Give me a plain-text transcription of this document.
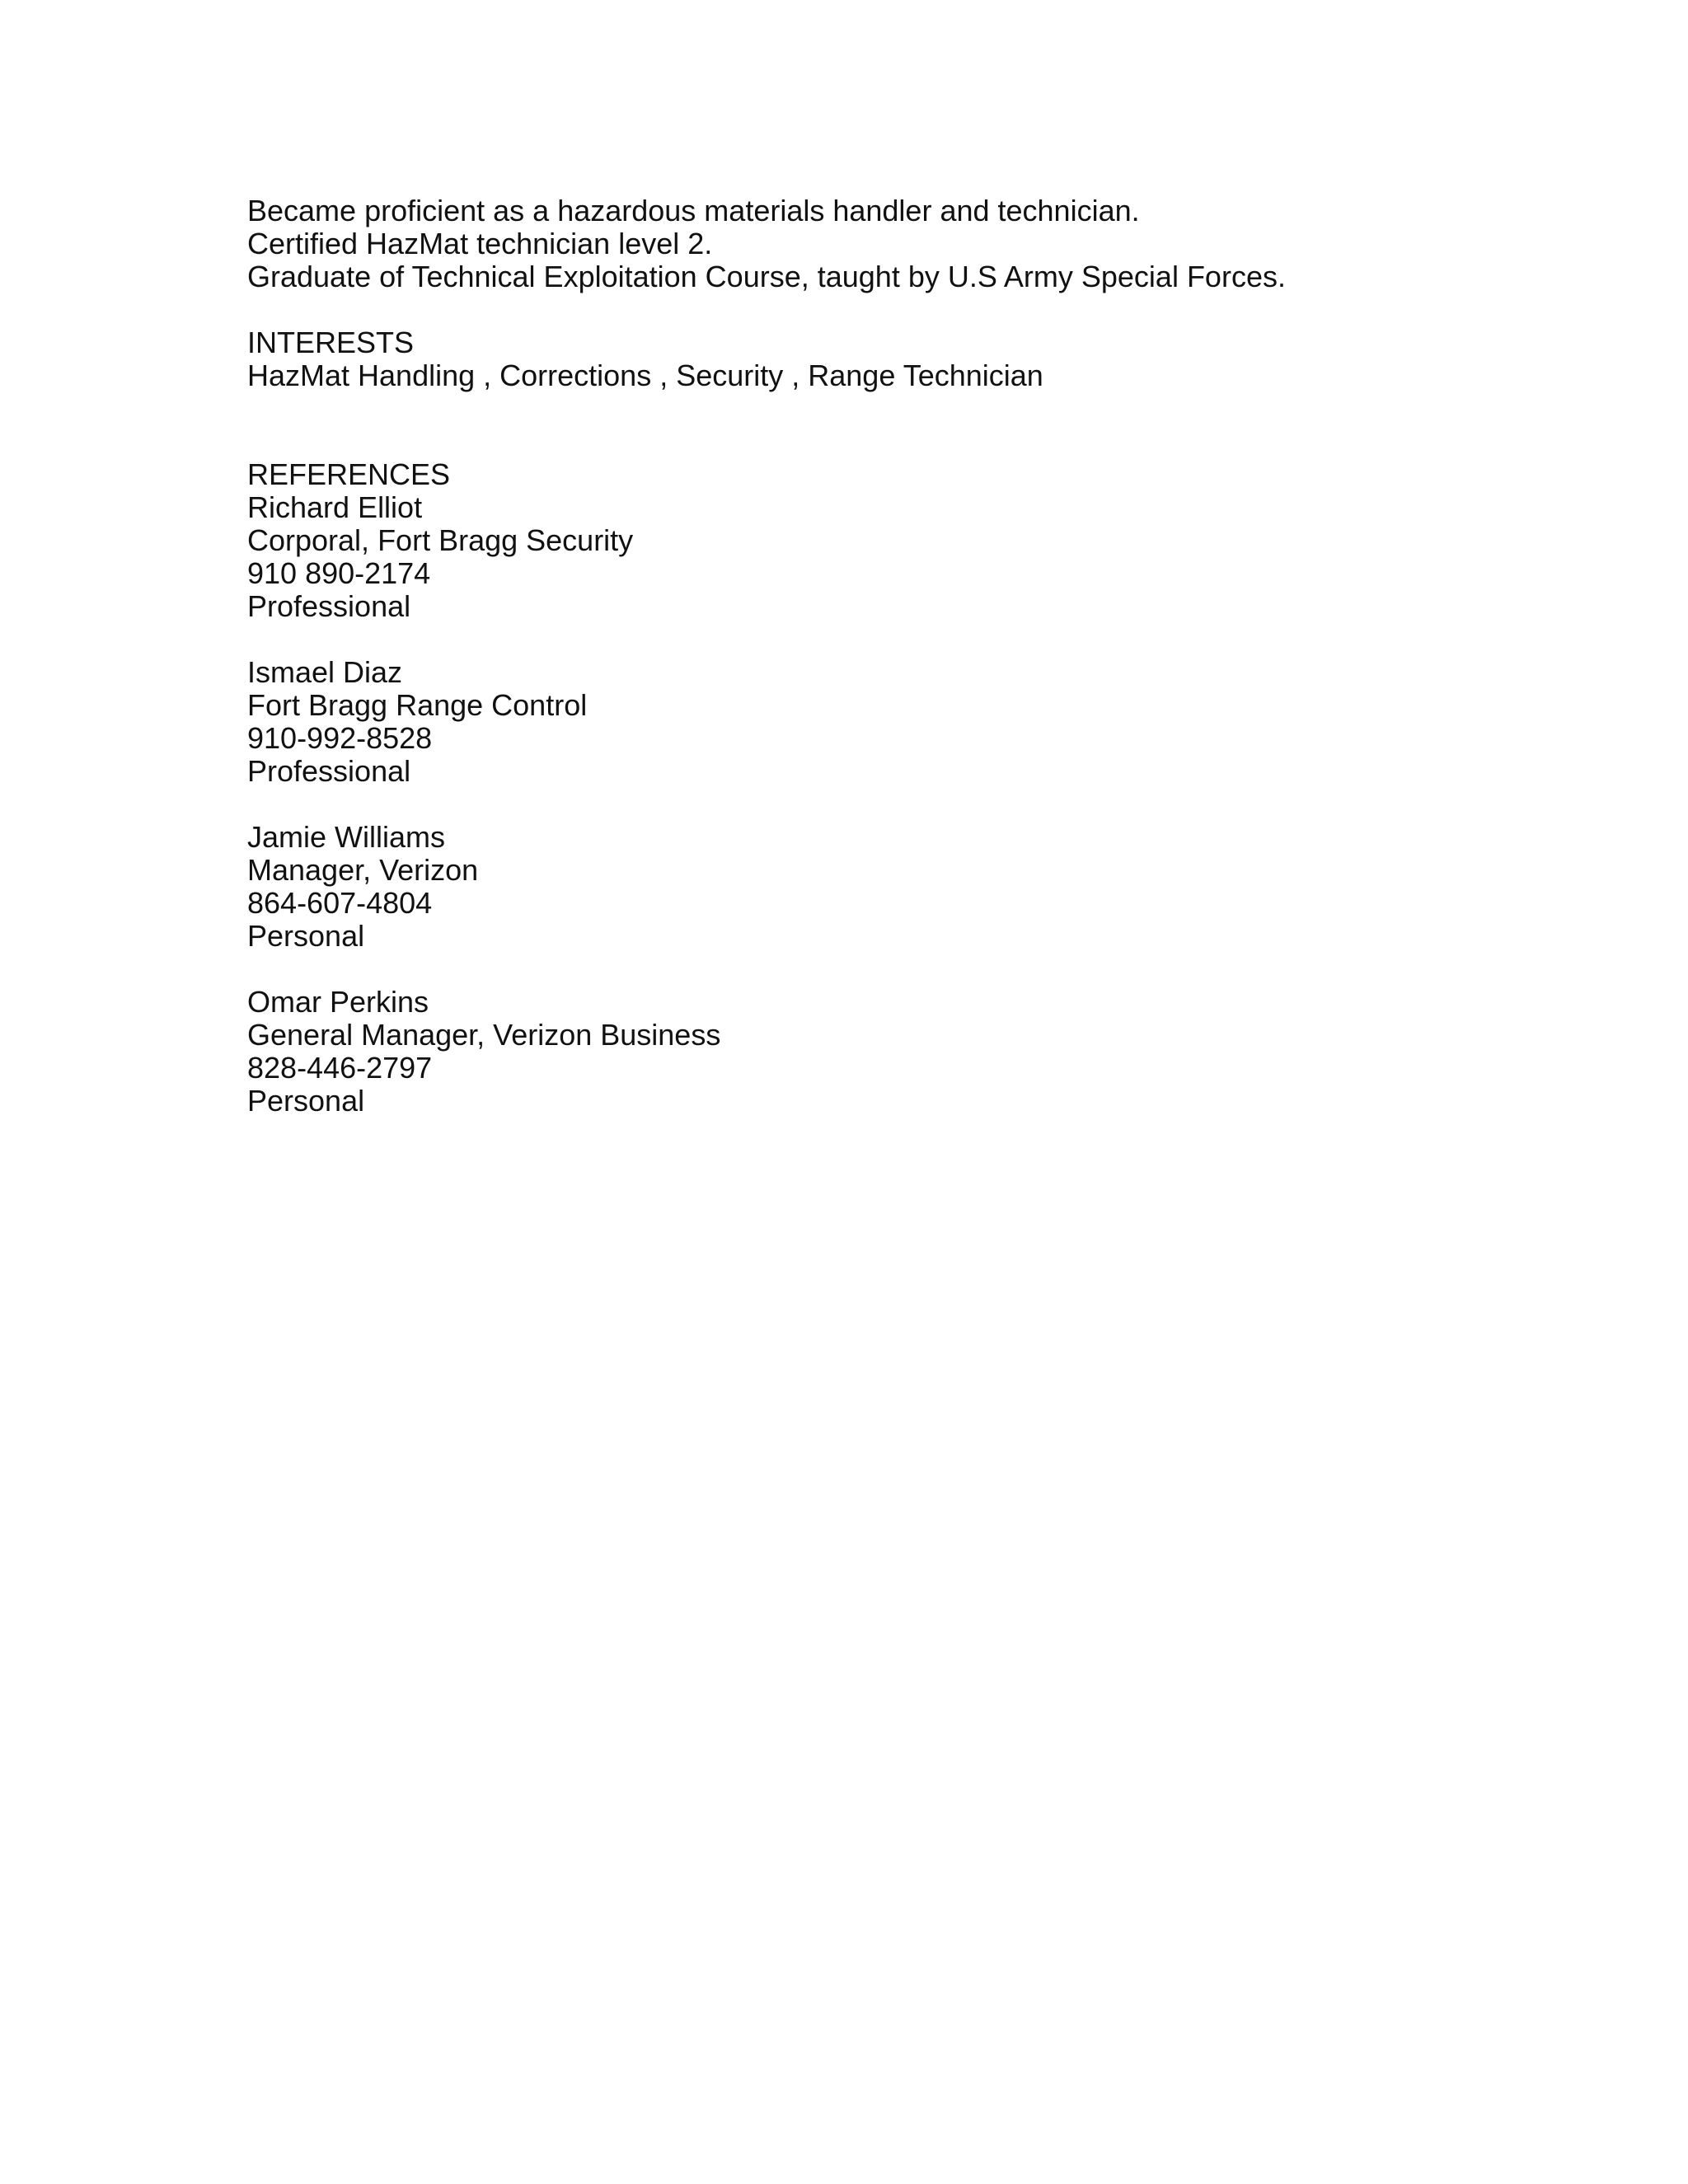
Became proficient as a hazardous materials handler and technician.
Certified HazMat technician level 2.
Graduate of Technical Exploitation Course, taught by U.S Army Special Forces.
INTERESTS
HazMat Handling , Corrections , Security , Range Technician
REFERENCES
Richard Elliot
Corporal, Fort Bragg Security
910 890-2174
Professional
Ismael Diaz
Fort Bragg Range Control
910-992-8528
Professional
Jamie Williams
Manager, Verizon
864-607-4804
Personal
Omar Perkins
General Manager, Verizon Business
828-446-2797
Personal
